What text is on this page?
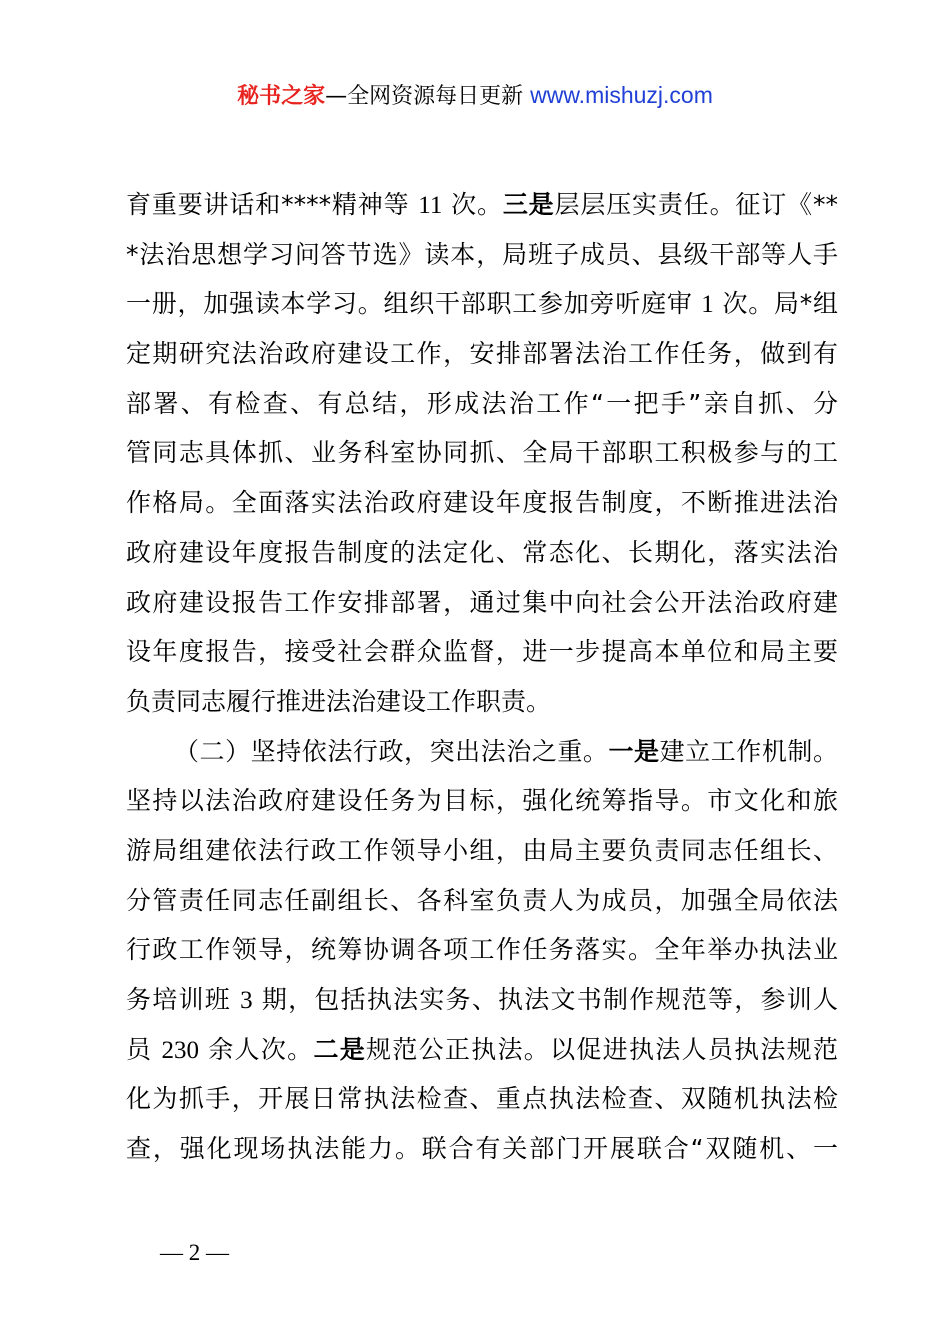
秘书之家—全网资源每日更新 www.mishuzj.com
育重要讲话和****精神等 11 次。三是层层压实责任。征订《**
*法治思想学习问答节选》读本，局班子成员、县级干部等人手
一册，加强读本学习。组织干部职工参加旁听庭审 1 次。局*组
定期研究法治政府建设工作，安排部署法治工作任务，做到有
部署、有检查、有总结，形成法治工作“一把手”亲自抓、分
管同志具体抓、业务科室协同抓、全局干部职工积极参与的工
作格局。全面落实法治政府建设年度报告制度，不断推进法治
政府建设年度报告制度的法定化、常态化、长期化，落实法治
政府建设报告工作安排部署，通过集中向社会公开法治政府建
设年度报告，接受社会群众监督，进一步提高本单位和局主要
负责同志履行推进法治建设工作职责。
（二）坚持依法行政，突出法治之重。一是建立工作机制。
坚持以法治政府建设任务为目标，强化统筹指导。市文化和旅
游局组建依法行政工作领导小组，由局主要负责同志任组长、
分管责任同志任副组长、各科室负责人为成员，加强全局依法
行政工作领导，统筹协调各项工作任务落实。全年举办执法业
务培训班 3 期，包括执法实务、执法文书制作规范等，参训人
员 230 余人次。二是规范公正执法。以促进执法人员执法规范
化为抓手，开展日常执法检查、重点执法检查、双随机执法检
查，强化现场执法能力。联合有关部门开展联合“双随机、一
— 2 —
